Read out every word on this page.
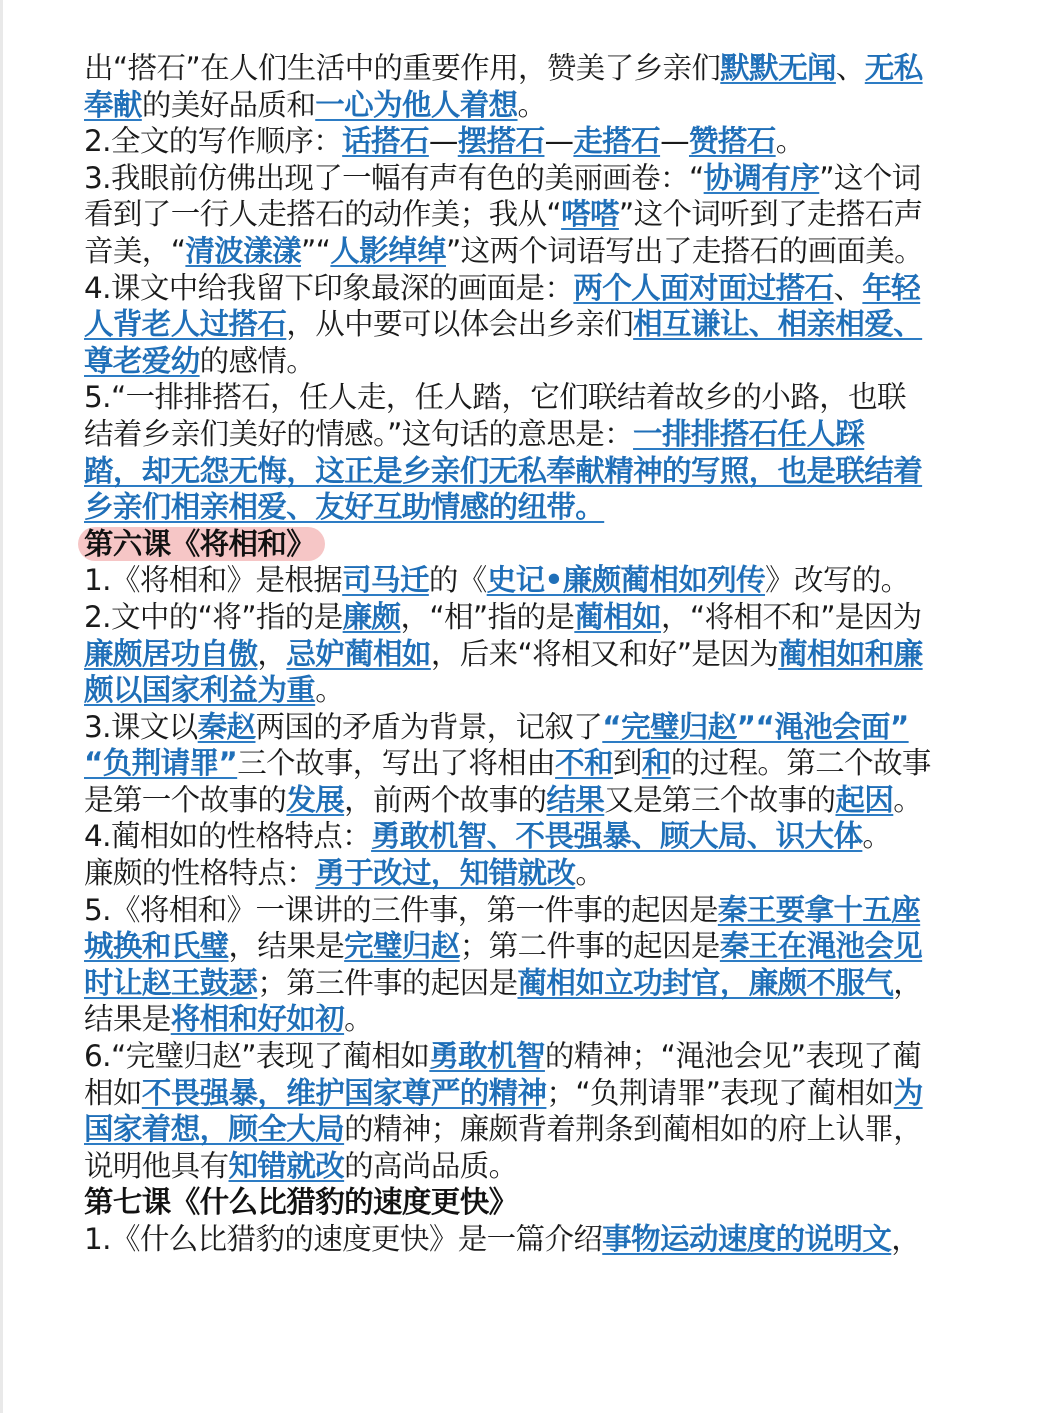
出“搭石”在人们生活中的重要作用，赞美了乡亲们默默无闻、无私
奉献的美好品质和一心为他人着想。
2.全文的写作顺序：话搭石—摆搭石—走搭石—赞搭石。
3.我眼前仿佛出现了一幅有声有色的美丽画卷：“协调有序”这个词
看到了一行人走搭石的动作美；我从“嗒嗒”这个词听到了走搭石声
音美，“清波漾漾”“人影绰绰”这两个词语写出了走搭石的画面美。
4.课文中给我留下印象最深的画面是：两个人面对面过搭石、年轻
人背老人过搭石，从中要可以体会出乡亲们相互谦让、相亲相爱、
尊老爱幼的感情。
5.“一排排搭石，任人走，任人踏，它们联结着故乡的小路，也联
结着乡亲们美好的情感。”这句话的意思是：一排排搭石任人踩
踏，却无怨无悔，这正是乡亲们无私奉献精神的写照，也是联结着
乡亲们相亲相爱、友好互助情感的纽带。
第六课《将相和》
1.《将相和》是根据司马迁的《史记•廉颇蔺相如列传》改写的。
2.文中的“将”指的是廉颇，“相”指的是蔺相如，“将相不和”是因为
廉颇居功自傲，忌妒蔺相如，后来“将相又和好”是因为蔺相如和廉
颇以国家利益为重。
3.课文以秦赵两国的矛盾为背景，记叙了“完璧归赵”“渑池会面”
“负荆请罪”三个故事，写出了将相由不和到和的过程。第二个故事
是第一个故事的发展，前两个故事的结果又是第三个故事的起因。
4.蔺相如的性格特点：勇敢机智、不畏强暴、顾大局、识大体。
廉颇的性格特点：勇于改过，知错就改。
5.《将相和》一课讲的三件事，第一件事的起因是秦王要拿十五座
城换和氏璧，结果是完璧归赵；第二件事的起因是秦王在渑池会见
时让赵王鼓瑟；第三件事的起因是蔺相如立功封官，廉颇不服气，
结果是将相和好如初。
6.“完璧归赵”表现了蔺相如勇敢机智的精神；“渑池会见”表现了蔺
相如不畏强暴，维护国家尊严的精神；“负荆请罪”表现了蔺相如为
国家着想，顾全大局的精神；廉颇背着荆条到蔺相如的府上认罪，
说明他具有知错就改的高尚品质。
第七课《什么比猎豹的速度更快》
1.《什么比猎豹的速度更快》是一篇介绍事物运动速度的说明文，
